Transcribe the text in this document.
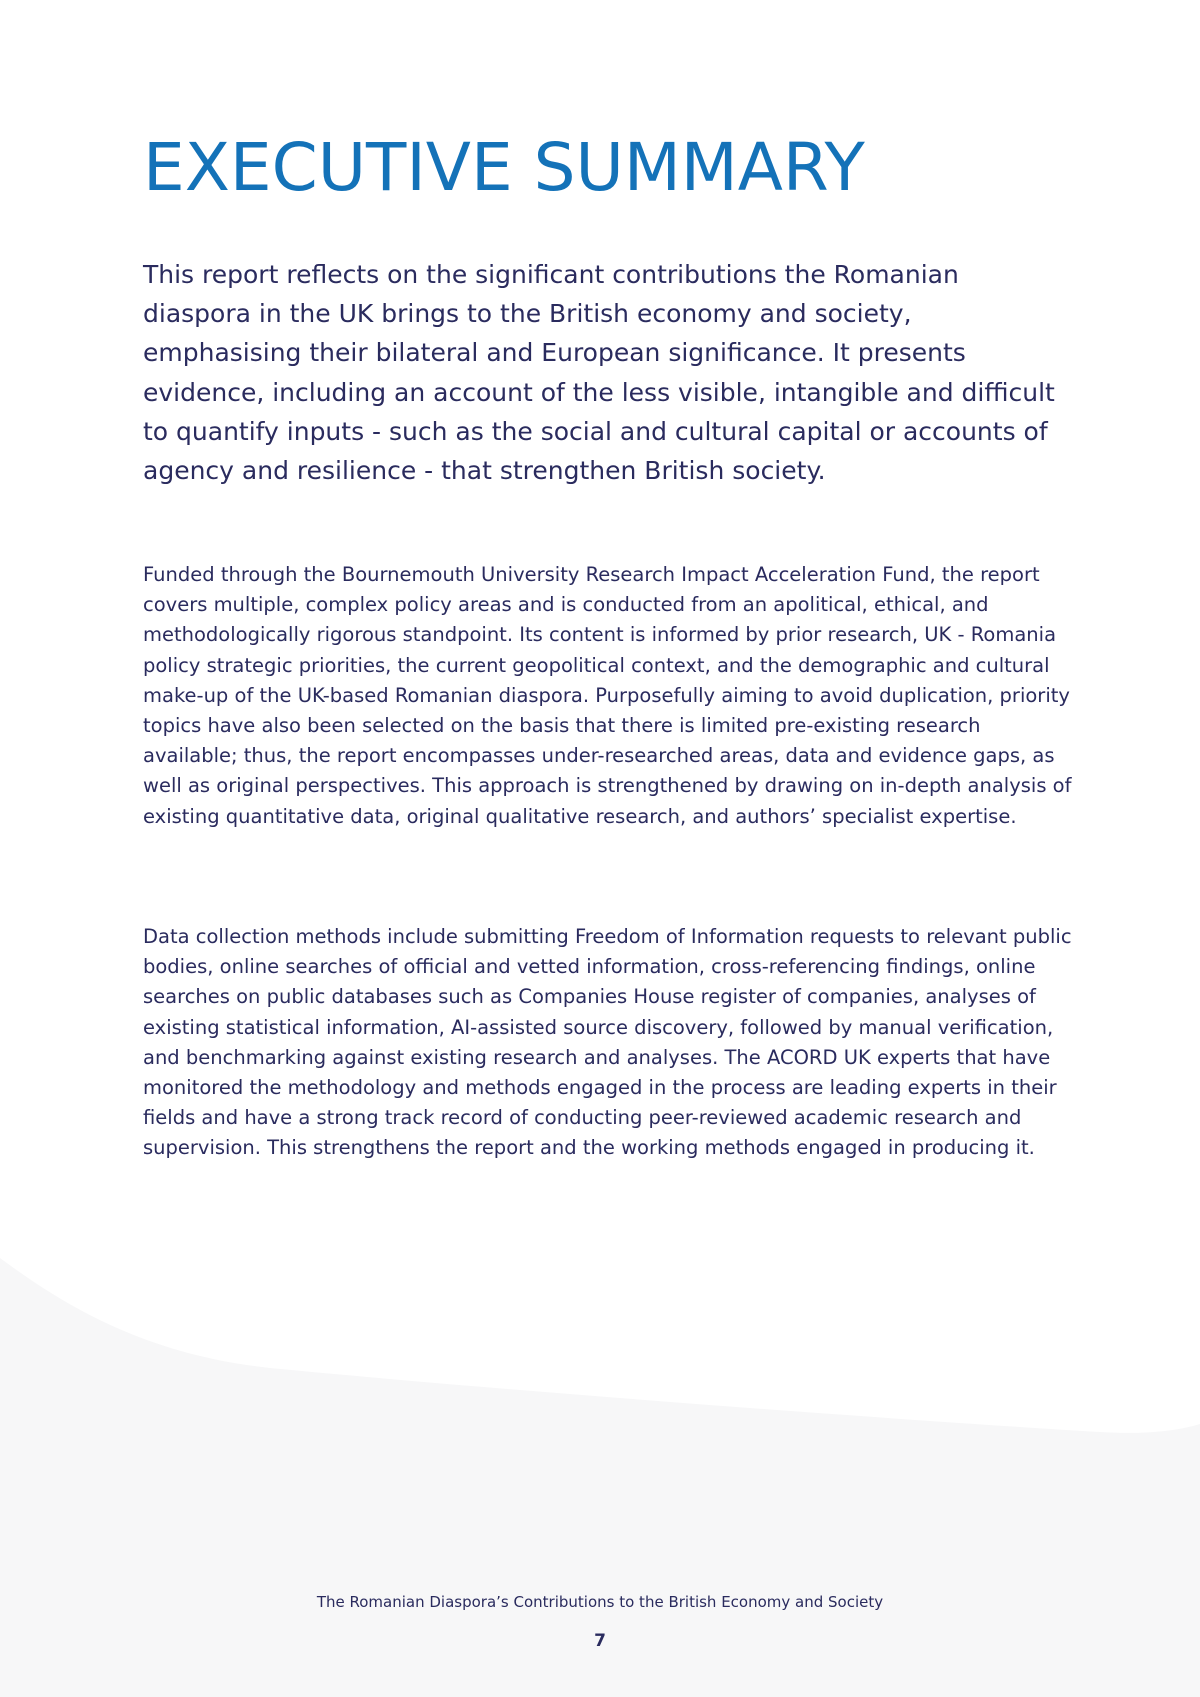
EXECUTIVE SUMMARY

This report reflects on the significant contributions the Romanian diaspora in the UK brings to the British economy and society, emphasising their bilateral and European significance. It presents evidence, including an account of the less visible, intangible and difficult to quantify inputs - such as the social and cultural capital or accounts of agency and resilience - that strengthen British society.

Funded through the Bournemouth University Research Impact Acceleration Fund, the report covers multiple, complex policy areas and is conducted from an apolitical, ethical, and methodologically rigorous standpoint. Its content is informed by prior research, UK - Romania policy strategic priorities, the current geopolitical context, and the demographic and cultural make-up of the UK-based Romanian diaspora. Purposefully aiming to avoid duplication, priority topics have also been selected on the basis that there is limited pre-existing research available; thus, the report encompasses under-researched areas, data and evidence gaps, as well as original perspectives. This approach is strengthened by drawing on in-depth analysis of existing quantitative data, original qualitative research, and authors’ specialist expertise.

Data collection methods include submitting Freedom of Information requests to relevant public bodies, online searches of official and vetted information, cross-referencing findings, online searches on public databases such as Companies House register of companies, analyses of existing statistical information, AI-assisted source discovery, followed by manual verification, and benchmarking against existing research and analyses. The ACORD UK experts that have monitored the methodology and methods engaged in the process are leading experts in their fields and have a strong track record of conducting peer-reviewed academic research and supervision. This strengthens the report and the working methods engaged in producing it.

The Romanian Diaspora’s Contributions to the British Economy and Society
7
